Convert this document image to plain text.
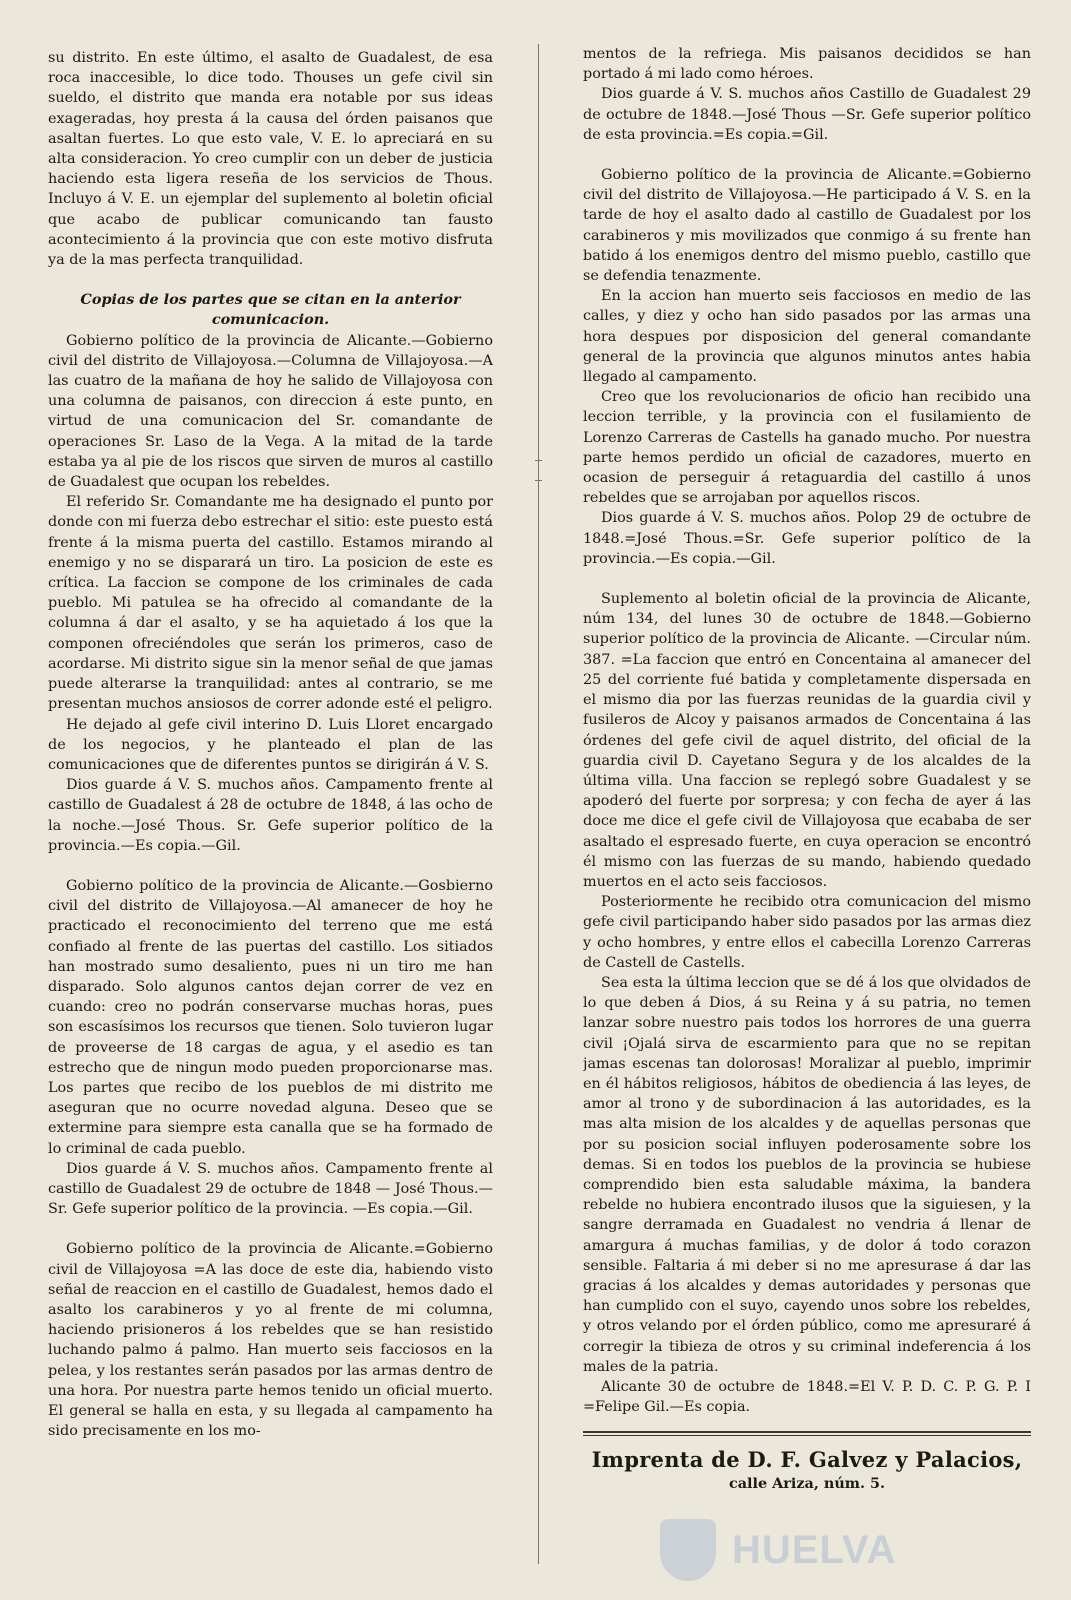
su distrito. En este último, el asalto de Guadalest, de esa roca inaccesible, lo dice todo. Thouses un gefe civil sin sueldo, el distrito que manda era notable por sus ideas exageradas, hoy presta á la causa del órden paisanos que asaltan fuertes. Lo que esto vale, V. E. lo apreciará en su alta consideracion. Yo creo cumplir con un deber de justicia haciendo esta ligera reseña de los servicios de Thous. Incluyo á V. E. un ejemplar del suplemento al boletin oficial que acabo de publicar comunicando tan fausto acontecimiento á la provincia que con este motivo disfruta ya de la mas perfecta tranquilidad.

Copias de los partes que se citan en la anterior comunicacion.

Gobierno político de la provincia de Alicante.—Gobierno civil del distrito de Villajoyosa.—Columna de Villajoyosa.—A las cuatro de la mañana de hoy he salido de Villajoyosa con una columna de paisanos, con direccion á este punto, en virtud de una comunicacion del Sr. comandante de operaciones Sr. Laso de la Vega. A la mitad de la tarde estaba ya al pie de los riscos que sirven de muros al castillo de Guadalest que ocupan los rebeldes.

El referido Sr. Comandante me ha designado el punto por donde con mi fuerza debo estrechar el sitio: este puesto está frente á la misma puerta del castillo. Estamos mirando al enemigo y no se disparará un tiro. La posicion de este es crítica. La faccion se compone de los criminales de cada pueblo. Mi patulea se ha ofrecido al comandante de la columna á dar el asalto, y se ha aquietado á los que la componen ofreciéndoles que serán los primeros, caso de acordarse. Mi distrito sigue sin la menor señal de que jamas puede alterarse la tranquilidad: antes al contrario, se me presentan muchos ansiosos de correr adonde esté el peligro.

He dejado al gefe civil interino D. Luis Lloret encargado de los negocios, y he planteado el plan de las comunicaciones que de diferentes puntos se dirigirán á V. S.

Dios guarde á V. S. muchos años. Campamento frente al castillo de Guadalest á 28 de octubre de 1848, á las ocho de la noche.—José Thous. Sr. Gefe superior político de la provincia.—Es copia.—Gil.

Gobierno político de la provincia de Alicante.—Gosbierno civil del distrito de Villajoyosa.—Al amanecer de hoy he practicado el reconocimiento del terreno que me está confiado al frente de las puertas del castillo. Los sitiados han mostrado sumo desaliento, pues ni un tiro me han disparado. Solo algunos cantos dejan correr de vez en cuando: creo no podrán conservarse muchas horas, pues son escasísimos los recursos que tienen. Solo tuvieron lugar de proveerse de 18 cargas de agua, y el asedio es tan estrecho que de ningun modo pueden proporcionarse mas. Los partes que recibo de los pueblos de mi distrito me aseguran que no ocurre novedad alguna. Deseo que se extermine para siempre esta canalla que se ha formado de lo criminal de cada pueblo.

Dios guarde á V. S. muchos años. Campamento frente al castillo de Guadalest 29 de octubre de 1848 — José Thous.—Sr. Gefe superior político de la provincia. —Es copia.—Gil.

Gobierno político de la provincia de Alicante.=Gobierno civil de Villajoyosa =A las doce de este dia, habiendo visto señal de reaccion en el castillo de Guadalest, hemos dado el asalto los carabineros y yo al frente de mi columna, haciendo prisioneros á los rebeldes que se han resistido luchando palmo á palmo. Han muerto seis facciosos en la pelea, y los restantes serán pasados por las armas dentro de una hora. Por nuestra parte hemos tenido un oficial muerto. El general se halla en esta, y su llegada al campamento ha sido precisamente en los mo-

mentos de la refriega. Mis paisanos decididos se han portado á mi lado como héroes.

Dios guarde á V. S. muchos años Castillo de Guadalest 29 de octubre de 1848.—José Thous —Sr. Gefe superior político de esta provincia.=Es copia.=Gil.

Gobierno político de la provincia de Alicante.=Gobierno civil del distrito de Villajoyosa.—He participado á V. S. en la tarde de hoy el asalto dado al castillo de Guadalest por los carabineros y mis movilizados que conmigo á su frente han batido á los enemigos dentro del mismo pueblo, castillo que se defendia tenazmente.

En la accion han muerto seis facciosos en medio de las calles, y diez y ocho han sido pasados por las armas una hora despues por disposicion del general comandante general de la provincia que algunos minutos antes habia llegado al campamento.

Creo que los revolucionarios de oficio han recibido una leccion terrible, y la provincia con el fusilamiento de Lorenzo Carreras de Castells ha ganado mucho. Por nuestra parte hemos perdido un oficial de cazadores, muerto en ocasion de perseguir á retaguardia del castillo á unos rebeldes que se arrojaban por aquellos riscos.

Dios guarde á V. S. muchos años. Polop 29 de octubre de 1848.=José Thous.=Sr. Gefe superior político de la provincia.—Es copia.—Gil.

Suplemento al boletin oficial de la provincia de Alicante, núm 134, del lunes 30 de octubre de 1848.—Gobierno superior político de la provincia de Alicante. —Circular núm. 387. =La faccion que entró en Concentaina al amanecer del 25 del corriente fué batida y completamente dispersada en el mismo dia por las fuerzas reunidas de la guardia civil y fusileros de Alcoy y paisanos armados de Concentaina á las órdenes del gefe civil de aquel distrito, del oficial de la guardia civil D. Cayetano Segura y de los alcaldes de la última villa. Una faccion se replegó sobre Guadalest y se apoderó del fuerte por sorpresa; y con fecha de ayer á las doce me dice el gefe civil de Villajoyosa que ecababa de ser asaltado el espresado fuerte, en cuya operacion se encontró él mismo con las fuerzas de su mando, habiendo quedado muertos en el acto seis facciosos.

Posteriormente he recibido otra comunicacion del mismo gefe civil participando haber sido pasados por las armas diez y ocho hombres, y entre ellos el cabecilla Lorenzo Carreras de Castell de Castells.

Sea esta la última leccion que se dé á los que olvidados de lo que deben á Dios, á su Reina y á su patria, no temen lanzar sobre nuestro pais todos los horrores de una guerra civil ¡Ojalá sirva de escarmiento para que no se repitan jamas escenas tan dolorosas! Moralizar al pueblo, imprimir en él hábitos religiosos, hábitos de obediencia á las leyes, de amor al trono y de subordinacion á las autoridades, es la mas alta mision de los alcaldes y de aquellas personas que por su posicion social influyen poderosamente sobre los demas. Si en todos los pueblos de la provincia se hubiese comprendido bien esta saludable máxima, la bandera rebelde no hubiera encontrado ilusos que la siguiesen, y la sangre derramada en Guadalest no vendria á llenar de amargura á muchas familias, y de dolor á todo corazon sensible. Faltaria á mi deber si no me apresurase á dar las gracias á los alcaldes y demas autoridades y personas que han cumplido con el suyo, cayendo unos sobre los rebeldes, y otros velando por el órden público, como me apresuraré á corregir la tibieza de otros y su criminal indeferencia á los males de la patria.

Alicante 30 de octubre de 1848.=El V. P. D. C. P. G. P. I =Felipe Gil.—Es copia.

Imprenta de D. F. Galvez y Palacios,
calle Ariza, núm. 5.
HUELVA
